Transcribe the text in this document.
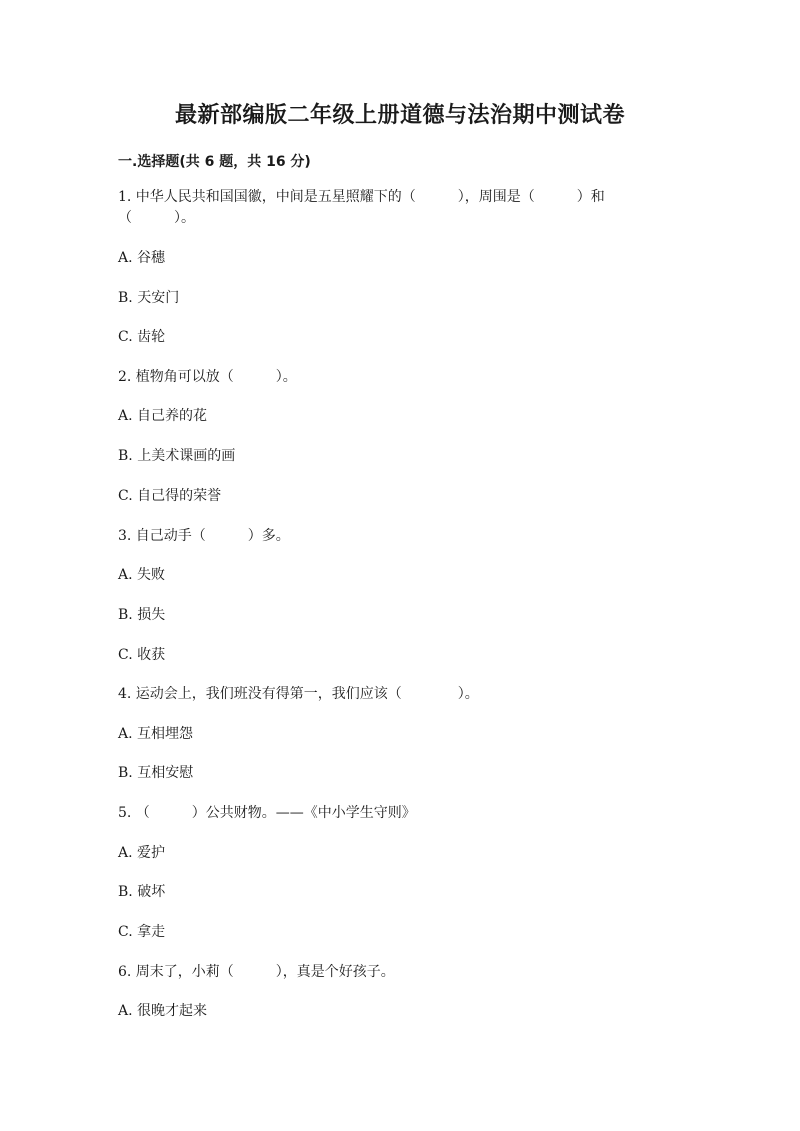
最新部编版二年级上册道德与法治期中测试卷
一.选择题(共 6 题，共 16 分)
1. 中华人民共和国国徽，中间是五星照耀下的（　　　），周围是（　　　）和
（　　　）。
A. 谷穗
B. 天安门
C. 齿轮
2. 植物角可以放（　　　）。
A. 自己养的花
B. 上美术课画的画
C. 自己得的荣誉
3. 自己动手（　　　）多。
A. 失败
B. 损失
C. 收获
4. 运动会上，我们班没有得第一，我们应该（　　　　）。
A. 互相埋怨
B. 互相安慰
5. （　　　）公共财物。——《中小学生守则》
A. 爱护
B. 破坏
C. 拿走
6. 周末了，小莉（　　　），真是个好孩子。
A. 很晚才起来
